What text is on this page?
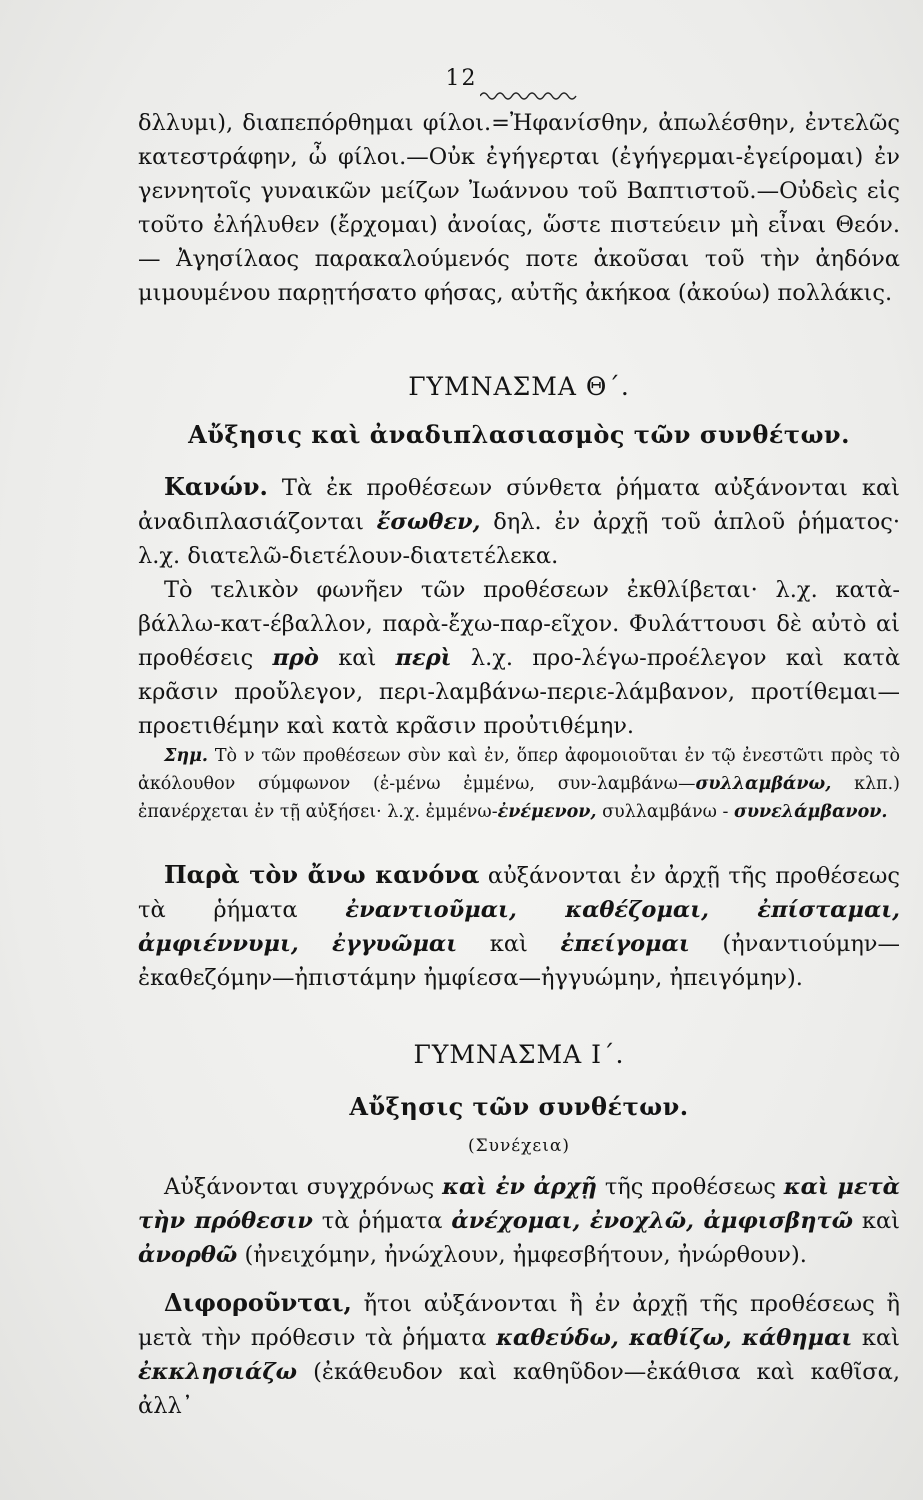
12

δλλυμι), διαπεπόρθημαι φίλοι.=Ἠφανίσθην, ἀπωλέσθην, ἐντελῶς κατεστράφην, ὦ φίλοι.—Οὐκ ἐγήγερται (ἐγήγερμαι-ἐγείρομαι) ἐν γεννητοῖς γυναικῶν μείζων Ἰωάννου τοῦ Βαπτιστοῦ.—Οὐδεὶς εἰς τοῦτο ἐλήλυθεν (ἔρχομαι) ἀνοίας, ὥστε πιστεύειν μὴ εἶναι Θεόν.— Ἀγησίλαος παρακαλούμενός ποτε ἀκοῦσαι τοῦ τὴν ἀηδόνα μιμουμένου παρῃτήσατο φήσας, αὐτῆς ἀκήκοα (ἀκούω) πολλάκις.

ΓΥΜΝΑΣΜΑ Θ΄.
Αὔξησις καὶ ἀναδιπλασιασμὸς τῶν συνθέτων.

Κανών. Τὰ ἐκ προθέσεων σύνθετα ῥήματα αὐξάνονται καὶ ἀναδιπλασιάζονται ἔσωθεν, δηλ. ἐν ἀρχῇ τοῦ ἁπλοῦ ῥήματος· λ.χ. διατελῶ-διετέλουν-διατετέλεκα.

Τὸ τελικὸν φωνῆεν τῶν προθέσεων ἐκθλίβεται· λ.χ. κατὰ-βάλλω-κατ-έβαλλον, παρὰ-ἔχω-παρ-εῖχον. Φυλάττουσι δὲ αὐτὸ αἱ προθέσεις πρὸ καὶ περὶ λ.χ. προ-λέγω-προέλεγον καὶ κατὰ κρᾶσιν προὔλεγον, περι-λαμβάνω-περιε-λάμβανον, προτίθεμαι—προετιθέμην καὶ κατὰ κρᾶσιν προὐτιθέμην.

Σημ. Τὸ ν τῶν προθέσεων σὺν καὶ ἐν, ὅπερ ἀφομοιοῦται ἐν τῷ ἐνεστῶτι πρὸς τὸ ἀκόλουθον σύμφωνον (ἐ-μένω ἐμμένω, συν-λαμβάνω—συλλαμβάνω, κλπ.) ἐπανέρχεται ἐν τῇ αὐξήσει· λ.χ. ἐμμένω-ἐνέμενον, συλλαμβάνω - συνελάμβανον.

Παρὰ τὸν ἄνω κανόνα αὐξάνονται ἐν ἀρχῇ τῆς προθέσεως τὰ ῥήματα ἐναντιοῦμαι, καθέζομαι, ἐπίσταμαι, ἀμφιέννυμι, ἐγγυῶμαι καὶ ἐπείγομαι (ἠναντιούμην—ἐκαθεζόμην—ἠπιστάμην ἠμφίεσα—ἠγγυώμην, ἠπειγόμην).

ΓΥΜΝΑΣΜΑ Ι΄.
Αὔξησις τῶν συνθέτων.
(Συνέχεια)

Αὐξάνονται συγχρόνως καὶ ἐν ἀρχῇ τῆς προθέσεως καὶ μετὰ τὴν πρόθεσιν τὰ ῥήματα ἀνέχομαι, ἐνοχλῶ, ἀμφισβητῶ καὶ ἀνορθῶ (ἠνειχόμην, ἠνώχλουν, ἠμφεσβήτουν, ἠνώρθουν).

Διφοροῦνται, ἤτοι αὐξάνονται ἢ ἐν ἀρχῇ τῆς προθέσεως ἢ μετὰ τὴν πρόθεσιν τὰ ῥήματα καθεύδω, καθίζω, κάθημαι καὶ ἐκκλησιάζω (ἐκάθευδον καὶ καθηῦδον—ἐκάθισα καὶ καθῖσα, ἀλλ᾽
